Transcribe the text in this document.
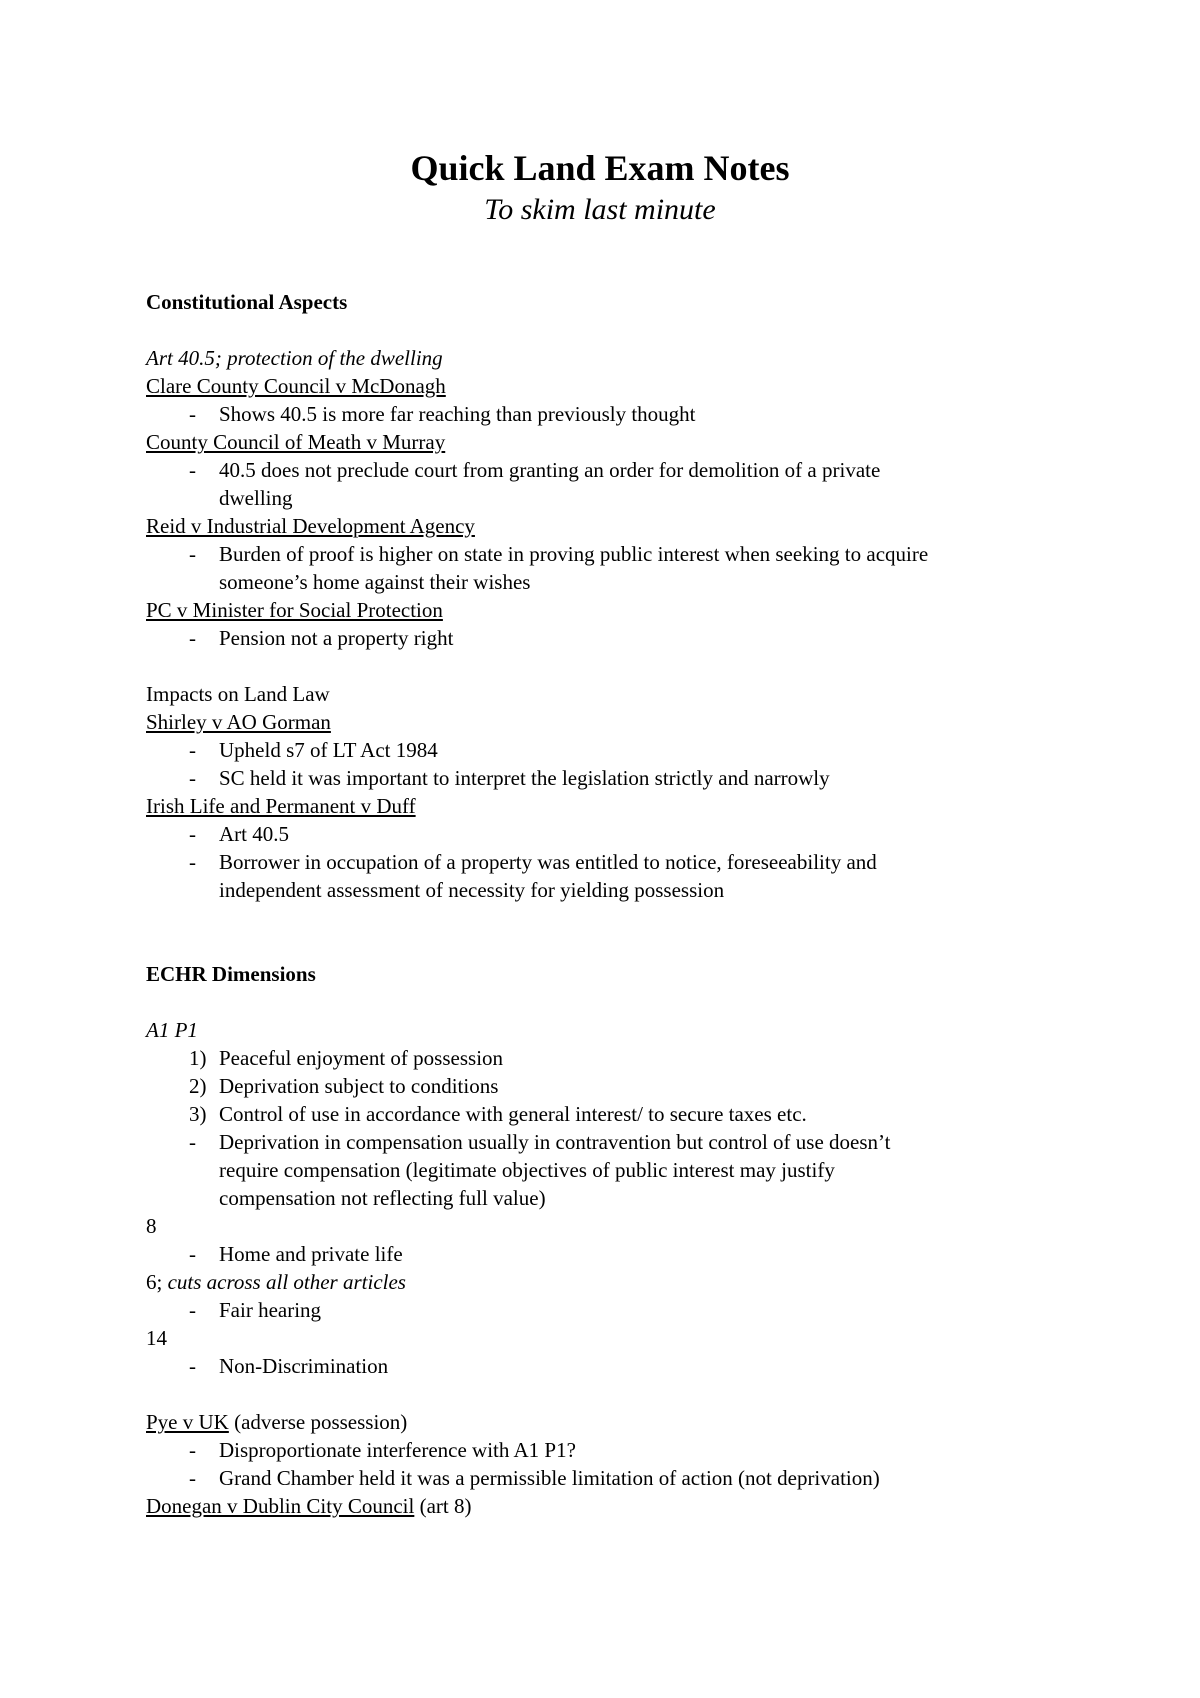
Quick Land Exam Notes
To skim last minute
Constitutional Aspects
Art 40.5; protection of the dwelling
Clare County Council v McDonagh
-	Shows 40.5 is more far reaching than previously thought
County Council of Meath v Murray
-	40.5 does not preclude court from granting an order for demolition of a private
dwelling
Reid v Industrial Development Agency
-	Burden of proof is higher on state in proving public interest when seeking to acquire
someone’s home against their wishes
PC v Minister for Social Protection
-	Pension not a property right
Impacts on Land Law
Shirley v AO Gorman
-	Upheld s7 of LT Act 1984
-	SC held it was important to interpret the legislation strictly and narrowly
Irish Life and Permanent v Duff
-	Art 40.5
-	Borrower in occupation of a property was entitled to notice, foreseeability and
independent assessment of necessity for yielding possession
ECHR Dimensions
A1 P1
1) Peaceful enjoyment of possession
2) Deprivation subject to conditions
3) Control of use in accordance with general interest/ to secure taxes etc.
-	Deprivation in compensation usually in contravention but control of use doesn’t
require compensation (legitimate objectives of public interest may justify
compensation not reflecting full value)
8
-	Home and private life
6; cuts across all other articles
-	Fair hearing
14
-	Non-Discrimination
Pye v UK (adverse possession)
-	Disproportionate interference with A1 P1?
-	Grand Chamber held it was a permissible limitation of action (not deprivation)
Donegan v Dublin City Council (art 8)
